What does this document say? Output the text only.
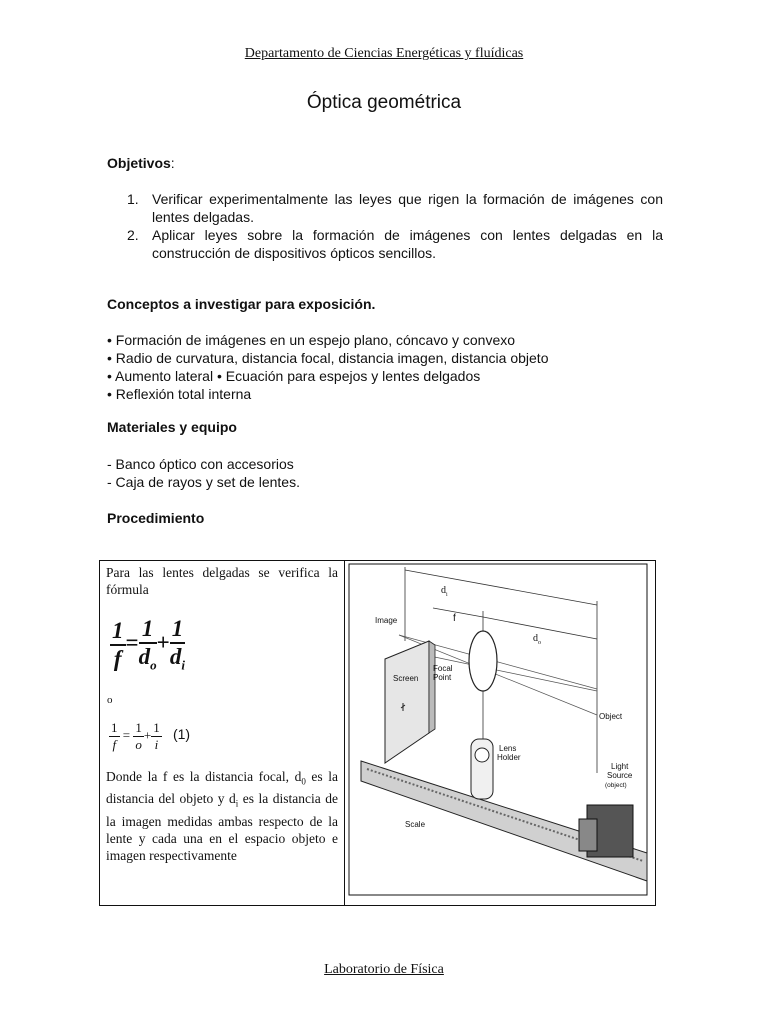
Departamento de Ciencias Energéticas y fluídicas
Óptica geométrica
Objetivos:
1. Verificar experimentalmente las leyes que rigen la formación de imágenes con lentes delgadas.
2. Aplicar leyes sobre la formación de imágenes con lentes delgadas en la construcción de dispositivos ópticos sencillos.
Conceptos a investigar para exposición.
• Formación de imágenes en un espejo plano, cóncavo y convexo
• Radio de curvatura, distancia focal, distancia imagen, distancia objeto
• Aumento lateral • Ecuación para espejos y lentes delgados
• Reflexión total interna
Materiales y equipo
- Banco óptico con accesorios
- Caja de rayos y set de lentes.
Procedimiento
Para las lentes delgadas se verifica la fórmula
$\frac{1}{f} = \frac{1}{d_o} + \frac{1}{d_i}$
o
$\frac{1}{f} = \frac{1}{o} + \frac{1}{i} (1)$
Donde la f es la distancia focal, $d_0$ es la distancia del objeto y $d_i$ es la distancia de la imagen medidas ambas respecto de la lente y cada una en el espacio objeto e imagen respectivamente

Image
Focal
Point
Screen
f
Object
Lens
Holder
Light
Source
(object)
Scale
$d_i$
$d_o$
Laboratorio de Física
